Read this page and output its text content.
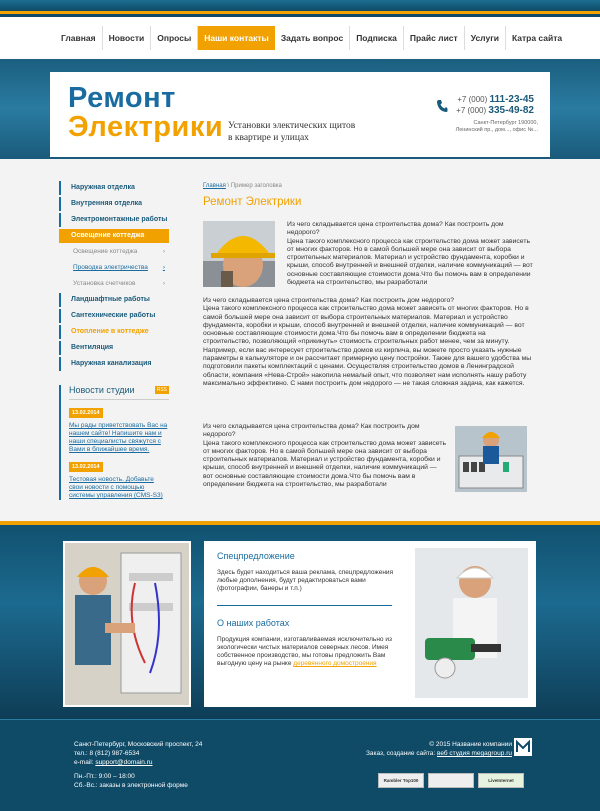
Главная	Новости	Опросы	Наши контакты	Задать вопрос	Подписка	Прайс лист	Услуги	Катра сайта
Ремонт
Электрики Установки электических щитов в квартире и улицах
+7 (000) 111-23-45
+7 (000) 335-49-82
Санкт-Петербург 190000, Ленинский пр., дом..., офис №...
Наружная отделка
Внутренняя отделка
Электромонтажные работы
Освещение коттеджа
Освещение коттеджа	›
Проводка электричества ›
Установка счетчиков	›
Ландшафтные работы
Сантехнические работы
Отопление в коттедже
Вентиляция
Наружная канализация
Новости студии	RSS
13.02.2014
Мы рады приветствовать Вас на нашем сайте! Напишите нам и наши специалисты свяжутся с Вами в ближайшее время.
13.02.2014
Тестовая новость. Добавьте свои новости с помощью системы управления (CMS-S3)
Главная \ Пример заголовка
Ремонт Электрики
Из чего складывается цена строительства дома? Как построить дом недорого?
Цена такого комплексного процесса как строительство дома может зависеть от многих факторов. Но в самой большей мере она зависит от выбора строительных материалов. Материал и устройство фундамента, коробки и крыши, способ внутренней и внешней отделки, наличие коммуникаций — вот основные составляющие стоимости дома.Что бы помочь вам в определении бюджета на строительство, мы разработали
Из чего складывается цена строительства дома? Как построить дом недорого?
Цена такого комплексного процесса как строительство дома может зависеть от многих факторов. Но в самой большей мере она зависит от выбора строительных материалов. Материал и устройство фундамента, коробки и крыши, способ внутренней и внешней отделки, наличие коммуникаций — вот основные составляющие стоимости дома.Что бы помочь вам в определении бюджета на строительство, позволяющий «прикинуть» стоимость строительных работ менее, чем за минуту.
Например, если вас интересует строительство домов из кирпича, вы можете просто указать нужные параметры в калькуляторе и он рассчитает примерную цену постройки. Также для вашего удобства мы подготовили пакеты комплектаций с ценами. Осуществляя строительство домов в Ленинградской области, компания «Нева-Строй» накопила немалый опыт, что позволяет нам исполнять нашу работу максимально эффективно. С нами построить дом недорого — не такая сложная задача, как кажется.
Из чего складывается цена строительства дома? Как построить дом недорого?
Цена такого комплексного процесса как строительство дома может зависеть от многих факторов. Но в самой большей мере она зависит от выбора строительных материалов. Материал и устройство фундамента, коробки и крыши, способ внутренней и внешней отделки, наличие коммуникаций — вот основные составляющие стоимости дома.Что бы помочь вам в определении бюджета на строительство, мы разработали
Спецпредложение
Здесь будет находиться ваша реклама, спецпредложения
любые дополнения, будут редактироваться вами (фотографии, банеры и т.п.)
О наших работах
Продукция компании, изготавливаемая исключительно из экологически чистых материалов северных лесов. Имея собственное производство, мы готовы предложить Вам выгодную цену на рынке деревянного домостроения
Санкт-Петербург, Московский проспект, 24
тел.: 8 (812) 987-6534
e-mail: support@domain.ru
Пн.-Пт.: 9:00 – 18:00
Сб.-Вс.: заказы в электронной форме
© 2015 Название компании
Заказ, создание сайта: веб студия megagroup.ru
Rambler Top100	LiveInternet
